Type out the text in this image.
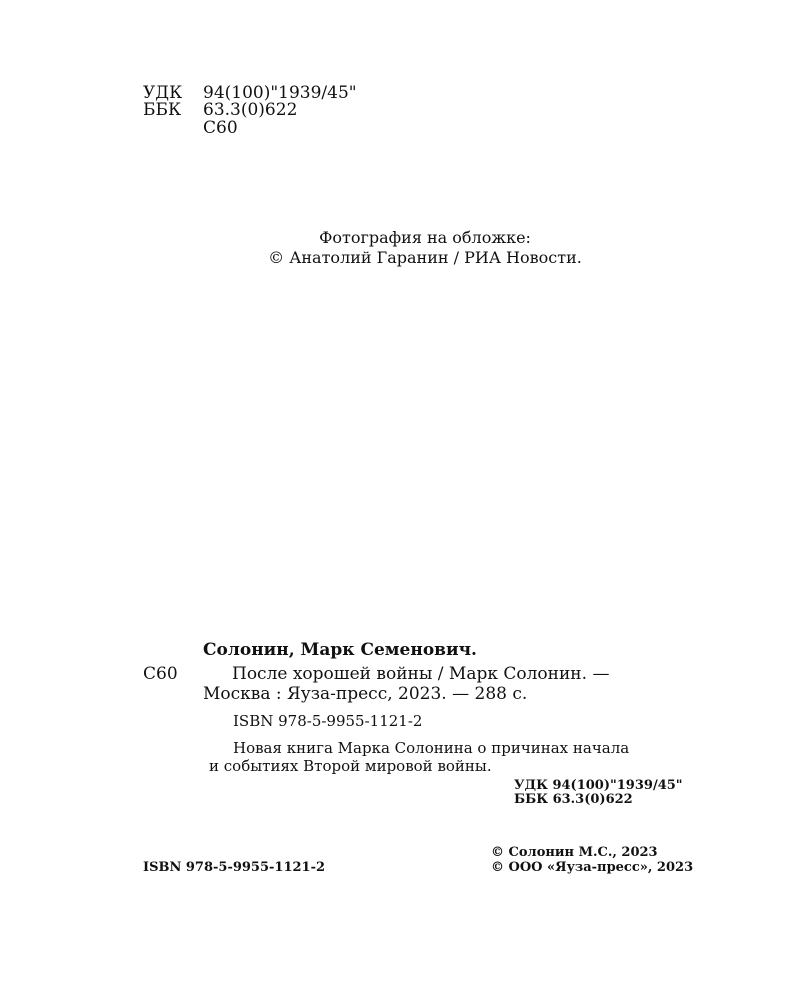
УДК 94(100)"1939/45"
ББК 63.3(0)622
С60
Фотография на обложке:
© Анатолий Гаранин / РИА Новости.
Солонин, Марк Семенович.
С60	После хорошей войны / Марк Солонин. —
Москва : Яуза-пресс, 2023. — 288 с.
ISBN 978-5-9955-1121-2
Новая книга Марка Солонина о причинах начала
и событиях Второй мировой войны.
УДК 94(100)"1939/45"
ББК 63.3(0)622
ISBN 978-5-9955-1121-2
© Солонин М.С., 2023
© ООО «Яуза-пресс», 2023
